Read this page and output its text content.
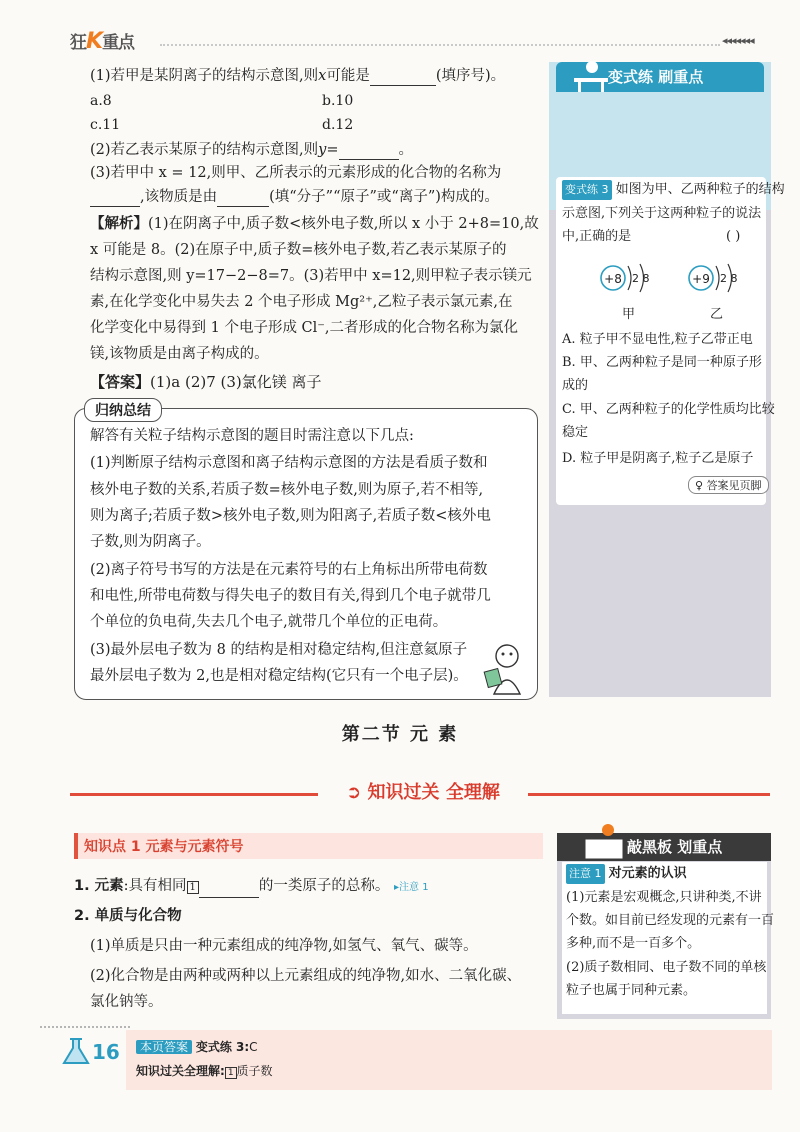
狂K重点	◂◂◂◂◂◂◂
(1)若甲是某阴离子的结构示意图,则x可能是	(填序号)。
a.8	b.10
c.11	d.12
(2)若乙表示某原子的结构示意图,则y=	。
(3)若甲中 x = 12,则甲、乙所表示的元素形成的化合物的名称为
,该物质是由	(填“分子”“原子”或“离子”)构成的。
【解析】(1)在阴离子中,质子数<核外电子数,所以 x 小于 2+8=10,故
x 可能是 8。(2)在原子中,质子数=核外电子数,若乙表示某原子的
结构示意图,则 y=17−2−8=7。(3)若甲中 x=12,则甲粒子表示镁元
素,在化学变化中易失去 2 个电子形成 Mg²⁺,乙粒子表示氯元素,在
化学变化中易得到 1 个电子形成 Cl⁻,二者形成的化合物名称为氯化
镁,该物质是由离子构成的。
【答案】(1)a (2)7 (3)氯化镁 离子
归纳总结
解答有关粒子结构示意图的题目时需注意以下几点:
(1)判断原子结构示意图和离子结构示意图的方法是看质子数和
核外电子数的关系,若质子数=核外电子数,则为原子,若不相等,
则为离子;若质子数>核外电子数,则为阳离子,若质子数<核外电
子数,则为阴离子。
(2)离子符号书写的方法是在元素符号的右上角标出所带电荷数
和电性,所带电荷数与得失电子的数目有关,得到几个电子就带几
个单位的负电荷,失去几个电子,就带几个单位的正电荷。
(3)最外层电子数为 8 的结构是相对稳定结构,但注意氦原子
最外层电子数为 2,也是相对稳定结构(它只有一个电子层)。
变式练 刷重点
变式练 3 如图为甲、乙两种粒子的结构
示意图,下列关于这两种粒子的说法
中,正确的是	( )
+8 2 8	+9 2 8
甲	乙
A. 粒子甲不显电性,粒子乙带正电
B. 甲、乙两种粒子是同一种原子形
成的
C. 甲、乙两种粒子的化学性质均比较
稳定
D. 粒子甲是阴离子,粒子乙是原子
♀ 答案见页脚
第二节 元 素
➲ 知识过关 全理解
知识点 1 元素与元素符号
1. 元素:具有相同 1	的一类原子的总称。 ▸注意 1
2. 单质与化合物
(1)单质是只由一种元素组成的纯净物,如氢气、氧气、碳等。
(2)化合物是由两种或两种以上元素组成的纯净物,如水、二氧化碳、
氯化钠等。
敲黑板 划重点
注意 1 对元素的认识
(1)元素是宏观概念,只讲种类,不讲
个数。如目前已经发现的元素有一百
多种,而不是一百多个。
(2)质子数相同、电子数不同的单核
粒子也属于同种元素。
16	本页答案 变式练 3:C
知识过关全理解: 1 质子数
